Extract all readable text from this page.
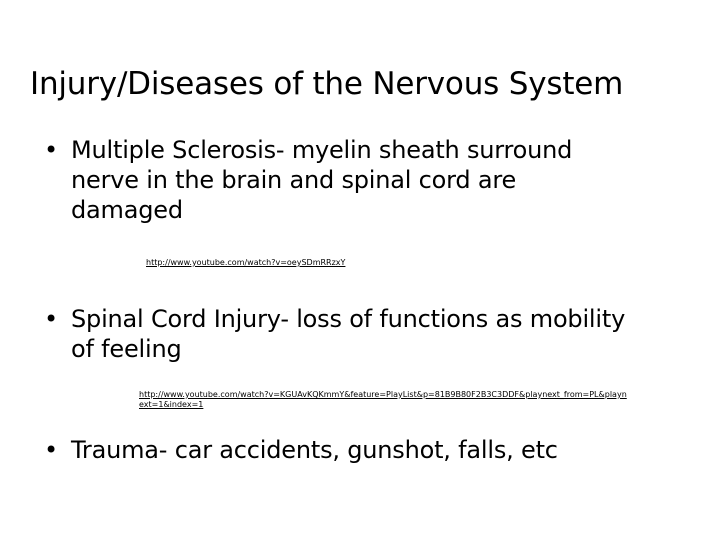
Injury/Diseases of the Nervous System
• Multiple Sclerosis- myelin sheath surround
nerve in the brain and spinal cord are
damaged
http://www.youtube.com/watch?v=oeySDmRRzxY
• Spinal Cord Injury- loss of functions as mobility
of feeling
http://www.youtube.com/watch?v=KGUAvKQKmmY&feature=PlayList&p=81B9B80F2B3C3DDF&playnext_from=PL&playn
ext=1&index=1
• Trauma- car accidents, gunshot, falls, etc
